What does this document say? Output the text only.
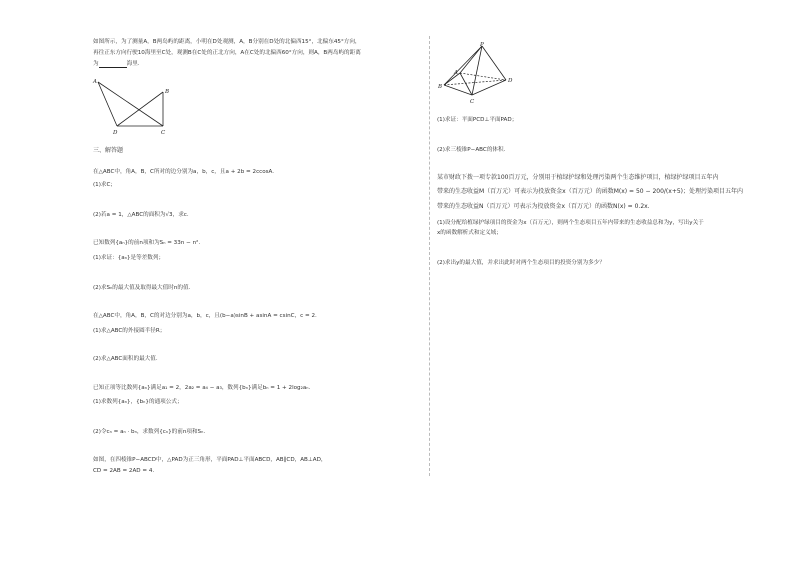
如图所示，为了测量A，B两岛屿的距离，小明在D处观测，A，B分别在D处的北偏西15°，北偏东45°方向，
再往正东方向行驶10海里至C处，观测B在C处的正北方向，A在C处的北偏西60°方向，则A，B两岛屿的距离
为	海里.
A
B
D	C
三、解答题
在△ABC中，角A，B，C所对的边分别为a，b，c，且a + 2b = 2ccosA.
(1)求C；
(2)若a = 1，△ABC的面积为√3，求c.
已知数列{aₙ}的前n项和为Sₙ = 33n − n².
(1)求证：{aₙ}是等差数列；
(2)求Sₙ的最大值及取得最大值时n的值.
在△ABC中，角A，B，C的对边分别为a，b，c，且(b−a)sinB + asinA = csinC，c = 2.
(1)求△ABC的外接圆半径R；
(2)求△ABC面积的最大值.
已知正项等比数列{aₙ}满足a₁ = 2，2a₂ = a₄ − a₃，数列{bₙ}满足bₙ = 1 + 2log₂aₙ.
(1)求数列{aₙ}，{bₙ}的通项公式；
(2)令cₙ = aₙ · bₙ，求数列{cₙ}的前n项和Sₙ.
如图，在四棱锥P−ABCD中，△PAD为正三角形，平面PAD⊥平面ABCD，AB∥CD，AB⊥AD，
CD = 2AB = 2AD = 4.
P
A
D
B
C
(1)求证：平面PCD⊥平面PAD；
(2)求三棱锥P−ABC的体积.
某市财政下拨一项专款100百万元，分别用于植绿护绿和处理污染两个生态维护项目，植绿护绿项目五年内
带来的生态收益M（百万元）可表示为投放资金x（百万元）的函数M(x) = 50 − 200/(x+5)；处理污染项目五年内
带来的生态收益N（百万元）可表示为投放资金x（百万元）的函数N(x) = 0.2x.
(1)设分配给植绿护绿项目的资金为x（百万元），则两个生态项目五年内带来的生态收益总和为y，写出y关于
x的函数解析式和定义域；
(2)求出y的最大值，并求出此时对两个生态项目的投资分别为多少？
